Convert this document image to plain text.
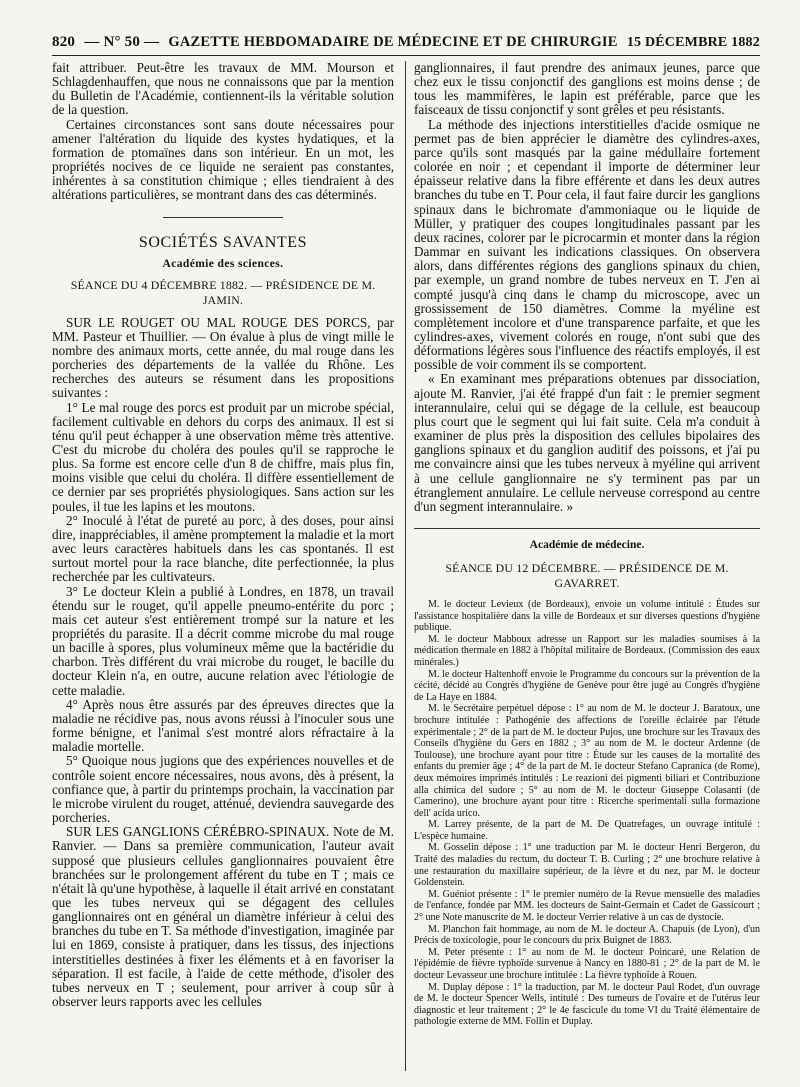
820 — N° 50 — GAZETTE HEBDOMADAIRE DE MÉDECINE ET DE CHIRURGIE 15 DÉCEMBRE 1882

fait attribuer. Peut-être les travaux de MM. Mourson et Schlagdenhauffen, que nous ne connaissons que par la mention du Bulletin de l'Académie, contiennent-ils la véritable solution de la question.

Certaines circonstances sont sans doute nécessaires pour amener l'altération du liquide des kystes hydatiques, et la formation de ptomaïnes dans son intérieur. En un mot, les propriétés nocives de ce liquide ne seraient pas constantes, inhérentes à sa constitution chimique ; elles tiendraient à des altérations particulières, se montrant dans des cas déterminés.

SOCIÉTÉS SAVANTES
Académie des sciences.
SÉANCE DU 4 DÉCEMBRE 1882. — PRÉSIDENCE DE M. JAMIN.

SUR LE ROUGET OU MAL ROUGE DES PORCS, par MM. Pasteur et Thuillier. — On évalue à plus de vingt mille le nombre des animaux morts, cette année, du mal rouge dans les porcheries des départements de la vallée du Rhône. Les recherches des auteurs se résument dans les propositions suivantes :

1° Le mal rouge des porcs est produit par un microbe spécial, facilement cultivable en dehors du corps des animaux. Il est si ténu qu'il peut échapper à une observation même très attentive. C'est du microbe du choléra des poules qu'il se rapproche le plus. Sa forme est encore celle d'un 8 de chiffre, mais plus fin, moins visible que celui du choléra. Il diffère essentiellement de ce dernier par ses propriétés physiologiques. Sans action sur les poules, il tue les lapins et les moutons.

2° Inoculé à l'état de pureté au porc, à des doses, pour ainsi dire, inappréciables, il amène promptement la maladie et la mort avec leurs caractères habituels dans les cas spontanés. Il est surtout mortel pour la race blanche, dite perfectionnée, la plus recherchée par les cultivateurs.

3° Le docteur Klein a publié à Londres, en 1878, un travail étendu sur le rouget, qu'il appelle pneumo-entérite du porc ; mais cet auteur s'est entièrement trompé sur la nature et les propriétés du parasite. Il a décrit comme microbe du mal rouge un bacille à spores, plus volumineux même que la bactéridie du charbon. Très différent du vrai microbe du rouget, le bacille du docteur Klein n'a, en outre, aucune relation avec l'étiologie de cette maladie.

4° Après nous être assurés par des épreuves directes que la maladie ne récidive pas, nous avons réussi à l'inoculer sous une forme bénigne, et l'animal s'est montré alors réfractaire à la maladie mortelle.

5° Quoique nous jugions que des expériences nouvelles et de contrôle soient encore nécessaires, nous avons, dès à présent, la confiance que, à partir du printemps prochain, la vaccination par le microbe virulent du rouget, atténué, deviendra sauvegarde des porcheries.

SUR LES GANGLIONS CÉRÉBRO-SPINAUX. Note de M. Ranvier. — Dans sa première communication, l'auteur avait supposé que plusieurs cellules ganglionnaires pouvaient être branchées sur le prolongement afférent du tube en T ; mais ce n'était là qu'une hypothèse, à laquelle il était arrivé en constatant que les tubes nerveux qui se dégagent des cellules ganglionnaires ont en général un diamètre inférieur à celui des branches du tube en T. Sa méthode d'investigation, imaginée par lui en 1869, consiste à pratiquer, dans les tissus, des injections interstitielles destinées à fixer les éléments et à en favoriser la séparation. Il est facile, à l'aide de cette méthode, d'isoler des tubes nerveux en T ; seulement, pour arriver à coup sûr à observer leurs rapports avec les cellules

ganglionnaires, il faut prendre des animaux jeunes, parce que chez eux le tissu conjonctif des ganglions est moins dense ; de tous les mammifères, le lapin est préférable, parce que les faisceaux de tissu conjonctif y sont grêles et peu résistants.

La méthode des injections interstitielles d'acide osmique ne permet pas de bien apprécier le diamètre des cylindres-axes, parce qu'ils sont masqués par la gaine médullaire fortement colorée en noir ; et cependant il importe de déterminer leur épaisseur relative dans la fibre efférente et dans les deux autres branches du tube en T. Pour cela, il faut faire durcir les ganglions spinaux dans le bichromate d'ammoniaque ou le liquide de Müller, y pratiquer des coupes longitudinales passant par les deux racines, colorer par le picrocarmin et monter dans la région Dammar en suivant les indications classiques. On observera alors, dans différentes régions des ganglions spinaux du chien, par exemple, un grand nombre de tubes nerveux en T. J'en ai compté jusqu'à cinq dans le champ du microscope, avec un grossissement de 150 diamètres. Comme la myéline est complètement incolore et d'une transparence parfaite, et que les cylindres-axes, vivement colorés en rouge, n'ont subi que des déformations légères sous l'influence des réactifs employés, il est possible de voir comment ils se comportent.

« En examinant mes préparations obtenues par dissociation, ajoute M. Ranvier, j'ai été frappé d'un fait : le premier segment interannulaire, celui qui se dégage de la cellule, est beaucoup plus court que le segment qui lui fait suite. Cela m'a conduit à examiner de plus près la disposition des cellules bipolaires des ganglions spinaux et du ganglion auditif des poissons, et j'ai pu me convaincre ainsi que les tubes nerveux à myéline qui arrivent à une cellule ganglionnaire ne s'y terminent pas par un étranglement annulaire. Le cellule nerveuse correspond au centre d'un segment interannulaire. »

Académie de médecine.
SÉANCE DU 12 DÉCEMBRE. — PRÉSIDENCE DE M. GAVARRET.

M. le docteur Levieux (de Bordeaux), envoie un volume intitulé : Études sur l'assistance hospitalière dans la ville de Bordeaux et sur diverses questions d'hygiène publique.

M. le docteur Mabboux adresse un Rapport sur les maladies soumises à la médication thermale en 1882 à l'hôpital militaire de Bordeaux. (Commission des eaux minérales.)

M. le docteur Haltenhoff envoie le Programme du concours sur la prévention de la cécité, décidé au Congrès d'hygiène de Genève pour être jugé au Congrès d'hygiène de La Haye en 1884.

M. le Secrétaire perpétuel dépose : 1° au nom de M. le docteur J. Baratoux, une brochure intitulée : Pathogénie des affections de l'oreille éclairée par l'étude expérimentale ; 2° de la part de M. le docteur Pujos, une brochure sur les Travaux des Conseils d'hygiène du Gers en 1882 ; 3° au nom de M. le docteur Ardenne (de Toulouse), une brochure ayant pour titre : Étude sur les causes de la mortalité des enfants du premier âge ; 4° de la part de M. le docteur Stefano Capranica (de Rome), deux mémoires imprimés intitulés : Le reazioni dei pigmenti biliari et Contribuzione alla chimica del sudore ; 5° au nom de M. le docteur Giuseppe Colasanti (de Camerino), une brochure ayant pour titre : Ricerche sperimentali sulla formazione dell' acida urico.

M. Larrey présente, de la part de M. De Quatrefages, un ouvrage intitulé : L'espèce humaine.

M. Gosselin dépose : 1° une traduction par M. le docteur Henri Bergeron, du Traité des maladies du rectum, du docteur T. B. Curling ; 2° une brochure relative à une restauration du maxillaire supérieur, de la lèvre et du nez, par M. le docteur Goldenstein.

M. Guéniot présente : 1° le premier numéro de la Revue mensuelle des maladies de l'enfance, fondée par MM. les docteurs de Saint-Germain et Cadet de Gassicourt ; 2° une Note manuscrite de M. le docteur Verrier relative à un cas de dystocie.

M. Planchon fait hommage, au nom de M. le docteur A. Chapuis (de Lyon), d'un Précis de toxicologie, pour le concours du prix Buignet de 1883.

M. Peter présente : 1° au nom de M. le docteur Poincaré, une Relation de l'épidémie de fièvre typhoïde survenue à Nancy en 1880-81 ; 2° de la part de M. le docteur Levasseur une brochure intitulée : La fièvre typhoïde à Rouen.

M. Duplay dépose : 1° la traduction, par M. le docteur Paul Rodet, d'un ouvrage de M. le docteur Spencer Wells, intitulé : Des tumeurs de l'ovaire et de l'utérus leur diagnostic et leur traitement ; 2° le 4e fascicule du tome VI du Traité élémentaire de pathologie externe de MM. Follin et Duplay.
